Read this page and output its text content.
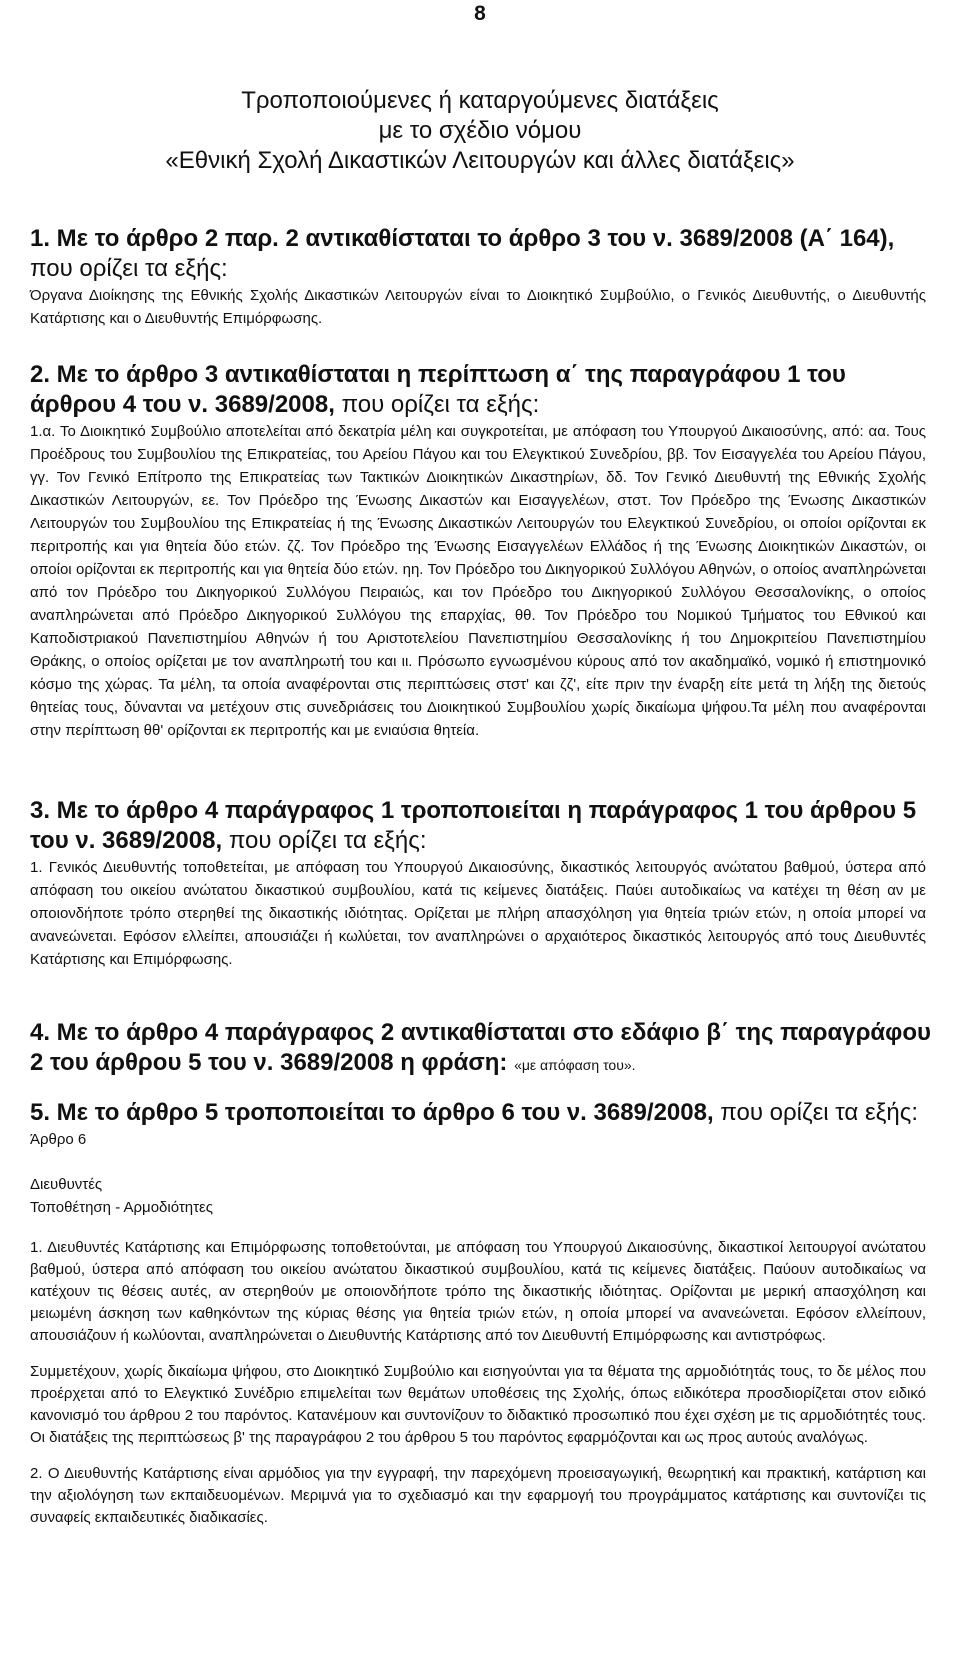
8
Τροποποιούμενες ή καταργούμενες διατάξεις
με το σχέδιο νόμου
«Εθνική Σχολή Δικαστικών Λειτουργών και άλλες διατάξεις»
1. Με το άρθρο 2 παρ. 2 αντικαθίσταται το άρθρο 3 του ν. 3689/2008 (Α΄ 164), που ορίζει τα εξής:

Όργανα Διοίκησης της Εθνικής Σχολής Δικαστικών Λειτουργών είναι το Διοικητικό Συμβούλιο, ο Γενικός Διευθυντής, ο Διευθυντής Κατάρτισης και ο Διευθυντής Επιμόρφωσης.

2. Με το άρθρο 3 αντικαθίσταται η περίπτωση α΄ της παραγράφου 1 του
άρθρου 4 του ν. 3689/2008, που ορίζει τα εξής:

1.α. Το Διοικητικό Συμβούλιο αποτελείται από δεκατρία μέλη και συγκροτείται, με απόφαση του Υπουργού Δικαιοσύνης, από: αα. Τους Προέδρους του Συμβουλίου της Επικρατείας, του Αρείου Πάγου και του Ελεγκτικού Συνεδρίου, ββ. Τον Εισαγγελέα του Αρείου Πάγου, γγ. Τον Γενικό Επίτροπο της Επικρατείας των Τακτικών Διοικητικών Δικαστηρίων, δδ. Τον Γενικό Διευθυντή της Εθνικής Σχολής Δικαστικών Λειτουργών, εε. Τον Πρόεδρο της Ένωσης Δικαστών και Εισαγγελέων, στστ. Τον Πρόεδρο της Ένωσης Δικαστικών Λειτουργών του Συμβουλίου της Επικρατείας ή της Ένωσης Δικαστικών Λειτουργών του Ελεγκτικού Συνεδρίου, οι οποίοι ορίζονται εκ περιτροπής και για θητεία δύο ετών. ζζ. Τον Πρόεδρο της Ένωσης Εισαγγελέων Ελλάδος ή της Ένωσης Διοικητικών Δικαστών, οι οποίοι ορίζονται εκ περιτροπής και για θητεία δύο ετών. ηη. Τον Πρόεδρο του Δικηγορικού Συλλόγου Αθηνών, ο οποίος αναπληρώνεται από τον Πρόεδρο του Δικηγορικού Συλλόγου Πειραιώς, και τον Πρόεδρο του Δικηγορικού Συλλόγου Θεσσαλονίκης, ο οποίος αναπληρώνεται από Πρόεδρο Δικηγορικού Συλλόγου της επαρχίας, θθ. Τον Πρόεδρο του Νομικού Τμήματος του Εθνικού και Καποδιστριακού Πανεπιστημίου Αθηνών ή του Αριστοτελείου Πανεπιστημίου Θεσσαλονίκης ή του Δημοκριτείου Πανεπιστημίου Θράκης, ο οποίος ορίζεται με τον αναπληρωτή του και ιι. Πρόσωπο εγνωσμένου κύρους από τον ακαδημαϊκό, νομικό ή επιστημονικό κόσμο της χώρας. Τα μέλη, τα οποία αναφέρονται στις περιπτώσεις στστ' και ζζ', είτε πριν την έναρξη είτε μετά τη λήξη της διετούς θητείας τους, δύνανται να μετέχουν στις συνεδριάσεις του Διοικητικού Συμβουλίου χωρίς δικαίωμα ψήφου.Τα μέλη που αναφέρονται στην περίπτωση θθ' ορίζονται εκ περιτροπής και με ενιαύσια θητεία.

3. Με το άρθρο 4 παράγραφος 1 τροποποιείται η παράγραφος 1 του άρθρου 5
του ν. 3689/2008, που ορίζει τα εξής:

1. Γενικός Διευθυντής τοποθετείται, με απόφαση του Υπουργού Δικαιοσύνης, δικαστικός λειτουργός ανώτατου βαθμού, ύστερα από απόφαση του οικείου ανώτατου δικαστικού συμβουλίου, κατά τις κείμενες διατάξεις. Παύει αυτοδικαίως να κατέχει τη θέση αν με οποιονδήποτε τρόπο στερηθεί της δικαστικής ιδιότητας. Ορίζεται με πλήρη απασχόληση για θητεία τριών ετών, η οποία μπορεί να ανανεώνεται. Εφόσον ελλείπει, απουσιάζει ή κωλύεται, τον αναπληρώνει ο αρχαιότερος δικαστικός λειτουργός από τους Διευθυντές Κατάρτισης και Επιμόρφωσης.

4. Με το άρθρο 4 παράγραφος 2 αντικαθίσταται στο εδάφιο β΄ της παραγράφου
2 του άρθρου 5 του ν. 3689/2008 η φράση: «με απόφαση του».
5. Με το άρθρο 5 τροποποιείται το άρθρο 6 του ν. 3689/2008, που ορίζει τα εξής:

Άρθρο 6

Διευθυντές

Τοποθέτηση - Αρμοδιότητες

1. Διευθυντές Κατάρτισης και Επιμόρφωσης τοποθετούνται, με απόφαση του Υπουργού Δικαιοσύνης, δικαστικοί λειτουργοί ανώτατου βαθμού, ύστερα από απόφαση του οικείου ανώτατου δικαστικού συμβουλίου, κατά τις κείμενες διατάξεις. Παύουν αυτοδικαίως να κατέχουν τις θέσεις αυτές, αν στερηθούν με οποιονδήποτε τρόπο της δικαστικής ιδιότητας. Ορίζονται με μερική απασχόληση και μειωμένη άσκηση των καθηκόντων της κύριας θέσης για θητεία τριών ετών, η οποία μπορεί να ανανεώνεται. Εφόσον ελλείπουν, απουσιάζουν ή κωλύονται, αναπληρώνεται ο Διευθυντής Κατάρτισης από τον Διευθυντή Επιμόρφωσης και αντιστρόφως.

Συμμετέχουν, χωρίς δικαίωμα ψήφου, στο Διοικητικό Συμβούλιο και εισηγούνται για τα θέματα της αρμοδιότητάς τους, το δε μέλος που προέρχεται από το Ελεγκτικό Συνέδριο επιμελείται των θεμάτων υποθέσεις της Σχολής, όπως ειδικότερα προσδιορίζεται στον ειδικό κανονισμό του άρθρου 2 του παρόντος. Κατανέμουν και συντονίζουν το διδακτικό προσωπικό που έχει σχέση με τις αρμοδιότητές τους. Οι διατάξεις της περιπτώσεως β' της παραγράφου 2 του άρθρου 5 του παρόντος εφαρμόζονται και ως προς αυτούς αναλόγως.

2. Ο Διευθυντής Κατάρτισης είναι αρμόδιος για την εγγραφή, την παρεχόμενη προεισαγωγική, θεωρητική και πρακτική, κατάρτιση και την αξιολόγηση των εκπαιδευομένων. Μεριμνά για το σχεδιασμό και την εφαρμογή του προγράμματος κατάρτισης και συντονίζει τις συναφείς εκπαιδευτικές διαδικασίες.
